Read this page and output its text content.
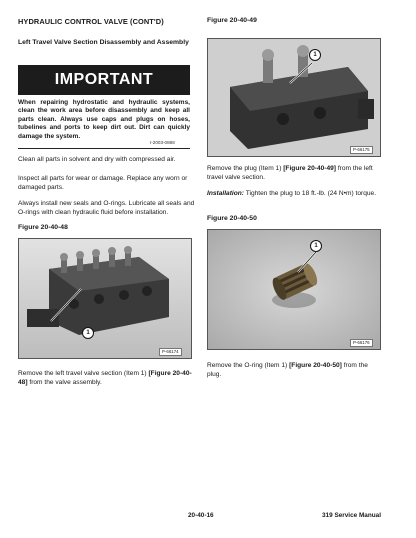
HYDRAULIC CONTROL VALVE (CONT'D)
Left Travel Valve Section Disassembly and Assembly
IMPORTANT
When repairing hydrostatic and hydraulic systems, clean the work area before disassembly and keep all parts clean. Always use caps and plugs on hoses, tubelines and ports to keep dirt out. Dirt can quickly damage the system.
I-2003-0888
Clean all parts in solvent and dry with compressed air.
Inspect all parts for wear or damage. Replace any worn or damaged parts.
Always install new seals and O-rings. Lubricate all seals and O-rings with clean hydraulic fluid before installation.
Figure 20-40-48
1
P-66174
Remove the left travel valve section (Item 1) [Figure 20-40-48] from the valve assembly.
Figure 20-40-49
1
P-66175
Remove the plug (Item 1) [Figure 20-40-49] from the left travel valve section.
Installation: Tighten the plug to 18 ft.-lb. (24 N•m) torque.
Figure 20-40-50
1
P-66176
Remove the O-ring (Item 1) [Figure 20-40-50] from the plug.
20-40-16	319 Service Manual
